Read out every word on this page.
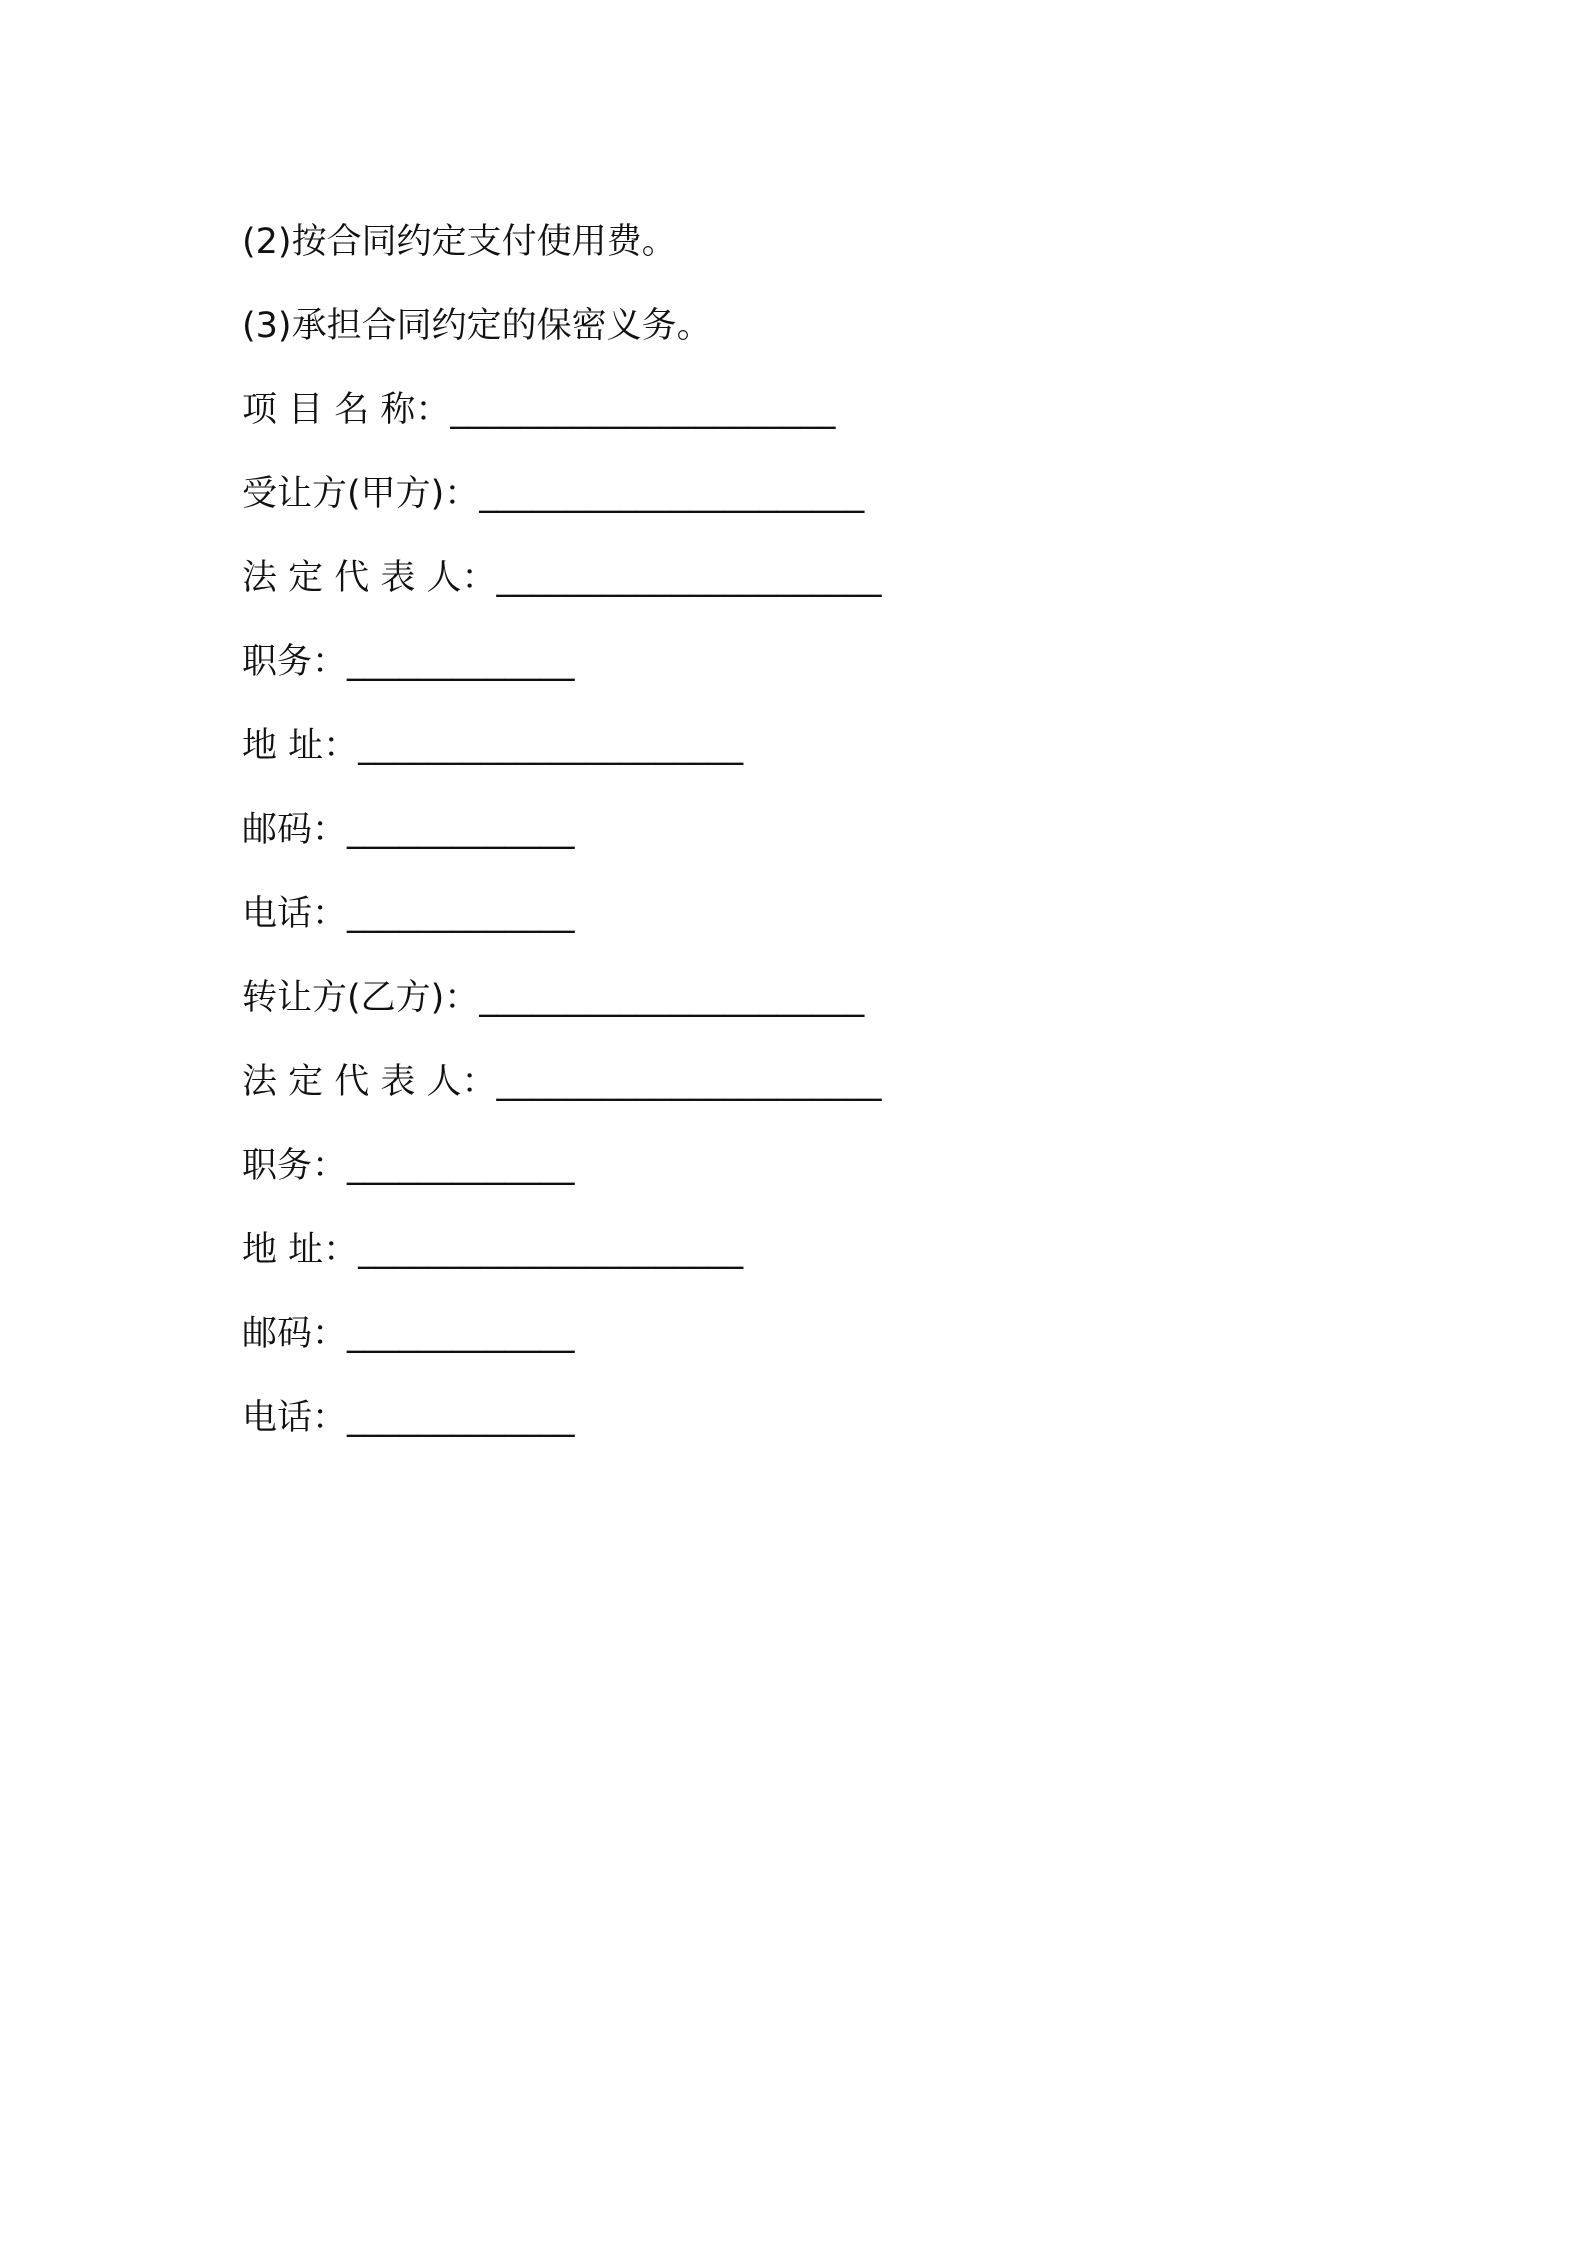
(2)按合同约定支付使用费。
(3)承担合同约定的保密义务。
项 目 名 称：______________________
受让方(甲方)：______________________
法 定 代 表 人：______________________
职务：_____________
地 址：______________________
邮码：_____________
电话：_____________
转让方(乙方)：______________________
法 定 代 表 人：______________________
职务：_____________
地 址：______________________
邮码：_____________
电话：_____________
